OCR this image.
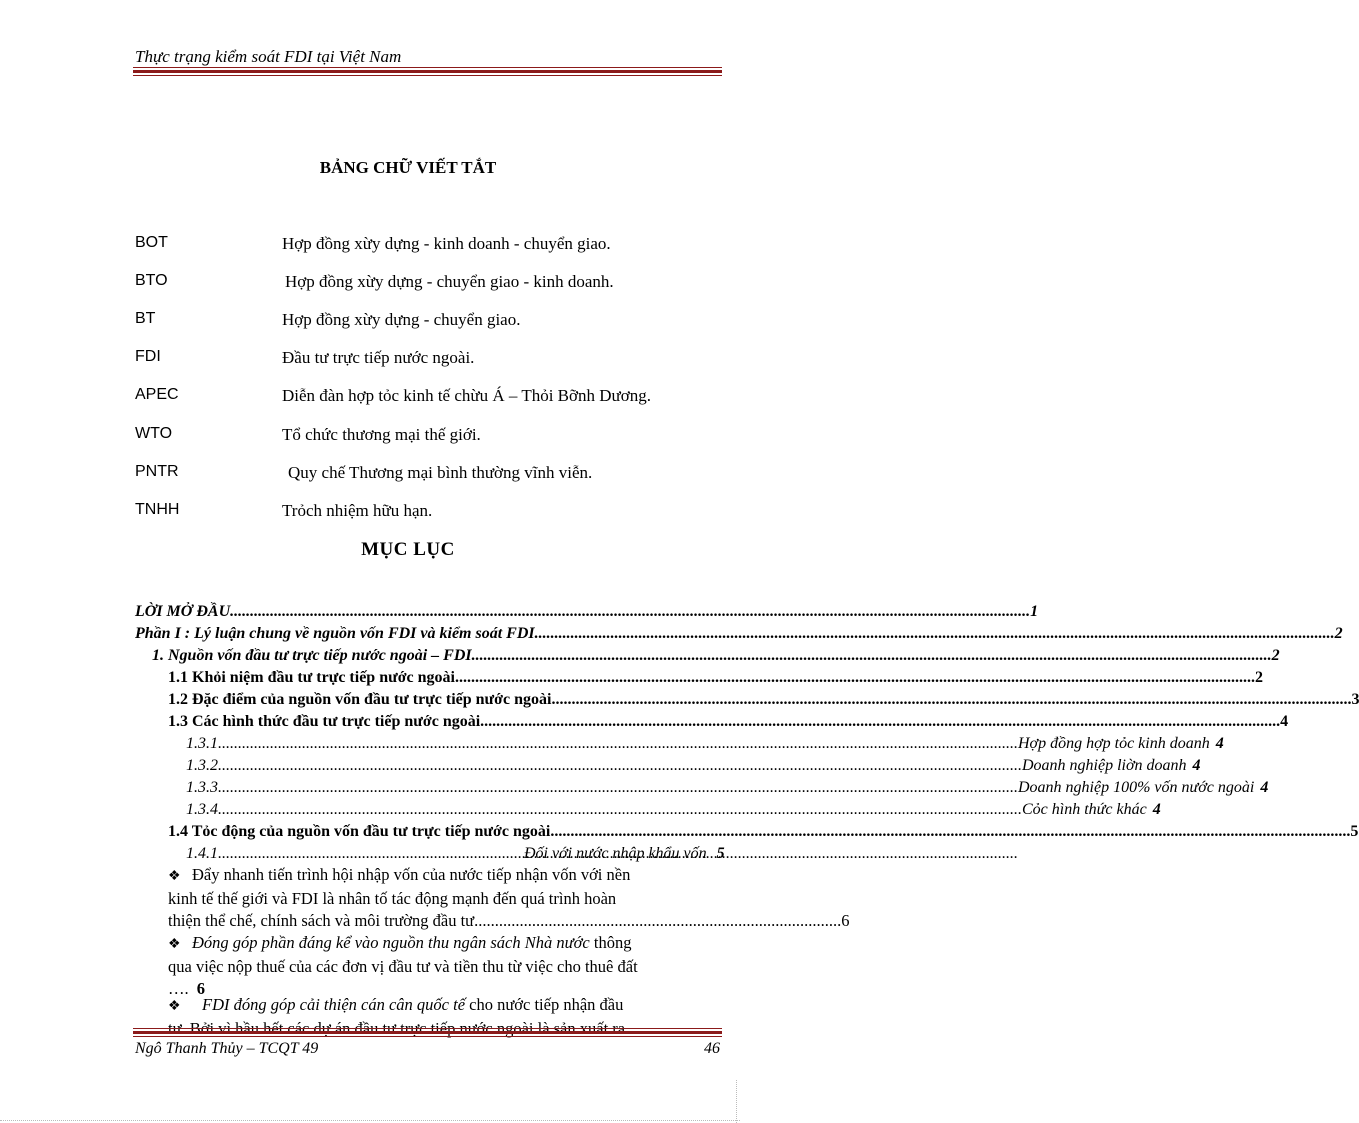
Thực trạng kiểm soát FDI tại Việt Nam
BẢNG CHỮ VIẾT TẮT
BOT	Hợp đồng xừy dựng - kinh doanh - chuyển giao.
BTO	Hợp đồng xừy dựng - chuyển giao - kinh doanh.
BT	Hợp đồng xừy dựng - chuyển giao.
FDI	Đầu tư trực tiếp nước ngoài.
APEC	Diễn đàn hợp tỏc kinh tế chừu Á – Thỏi Bỡnh Dương.
WTO	Tổ chức thương mại thế giới.
PNTR	Quy chế Thương mại bình thường vĩnh viễn.
TNHH	Trỏch nhiệm hữu hạn.
MỤC LỤC
LỜI MỞ ĐẦU .....	1
Phần I : Lý luận chung về nguồn vốn FDI và kiểm soát FDI .....	2
1. Nguồn vốn đầu tư trực tiếp nước ngoài – FDI .....	2
1.1 Khỏi niệm đầu tư trực tiếp nước ngoài .....	2
1.2 Đặc điểm của nguồn vốn đầu tư trực tiếp nước ngoài .....	3
1.3 Các hình thức đầu tư trực tiếp nước ngoài .....	4
1.3.1 .....	Hợp đồng hợp tỏc kinh doanh 4
1.3.2. .....	Doanh nghiệp liờn doanh 4
1.3.3 .....	Doanh nghiệp 100% vốn nước ngoài 4
1.3.4. .....	Cỏc hình thức khác 4
1.4 Tỏc động của nguồn vốn đầu tư trực tiếp nước ngoài .....	5
1.4.1 .....	Đối với nước nhập khẩu vốn 5
❖ Đẩy nhanh tiến trình hội nhập vốn của nước tiếp nhận vốn với nền
kinh tế thế giới và FDI là nhân tố tác động mạnh đến quá trình hoàn
thiện thể chế, chính sách và môi trường đầu tư. ........................................................................................ 6
❖ Đóng góp phần đáng kể vào nguồn thu ngân sách Nhà nước thông
qua việc nộp thuế của các đơn vị đầu tư và tiền thu từ việc cho thuê đất
…. 6
❖ FDI đóng góp cải thiện cán cân quốc tế cho nước tiếp nhận đầu
Ngô Thanh Thủy – TCQT 49	46
